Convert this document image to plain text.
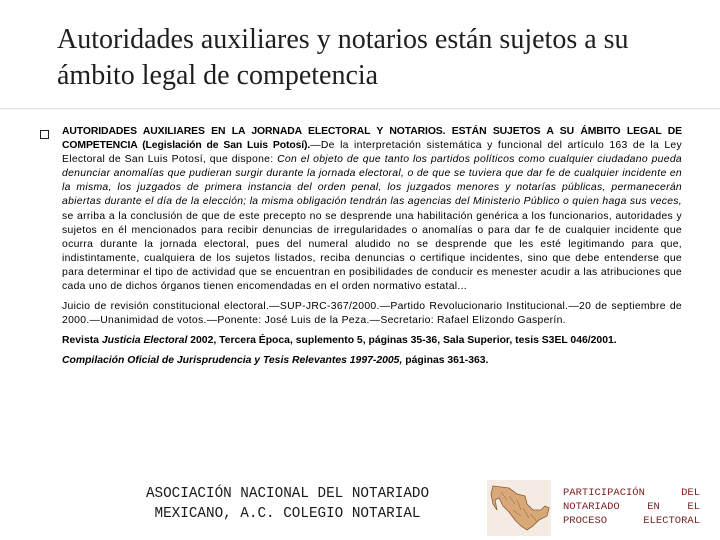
Autoridades auxiliares y notarios están sujetos a su ámbito legal de competencia

AUTORIDADES AUXILIARES EN LA JORNADA ELECTORAL Y NOTARIOS. ESTÁN SUJETOS A SU ÁMBITO LEGAL DE COMPETENCIA (Legislación de San Luis Potosí).—De la interpretación sistemática y funcional del artículo 163 de la Ley Electoral de San Luis Potosí, que dispone: Con el objeto de que tanto los partidos políticos como cualquier ciudadano pueda denunciar anomalías que pudieran surgir durante la jornada electoral, o de que se tuviera que dar fe de cualquier incidente en la misma, los juzgados de primera instancia del orden penal, los juzgados menores y notarías públicas, permanecerán abiertas durante el día de la elección; la misma obligación tendrán las agencias del Ministerio Público o quien haga sus veces, se arriba a la conclusión de que de este precepto no se desprende una habilitación genérica a los funcionarios, autoridades y sujetos en él mencionados para recibir denuncias de irregularidades o anomalías o para dar fe de cualquier incidente que ocurra durante la jornada electoral, pues del numeral aludido no se desprende que les esté legitimando para que, indistintamente, cualquiera de los sujetos listados, reciba denuncias o certifique incidentes, sino que debe entenderse que para determinar el tipo de actividad que se encuentran en posibilidades de conducir es menester acudir a las atribuciones que cada uno de dichos órganos tienen encomendadas en el orden normativo estatal...

Juicio de revisión constitucional electoral.—SUP-JRC-367/2000.—Partido Revolucionario Institucional.—20 de septiembre de 2000.—Unanimidad de votos.—Ponente: José Luis de la Peza.—Secretario: Rafael Elizondo Gasperín.

Revista Justicia Electoral 2002, Tercera Época, suplemento 5, páginas 35-36, Sala Superior, tesis S3EL 046/2001.

Compilación Oficial de Jurisprudencia y Tesis Relevantes 1997-2005, páginas 361-363.

ASOCIACIÓN NACIONAL DEL NOTARIADO
MEXICANO, A.C. COLEGIO NOTARIAL

PARTICIPACIÓN DEL
NOTARIADO EN EL
PROCESO ELECTORAL
